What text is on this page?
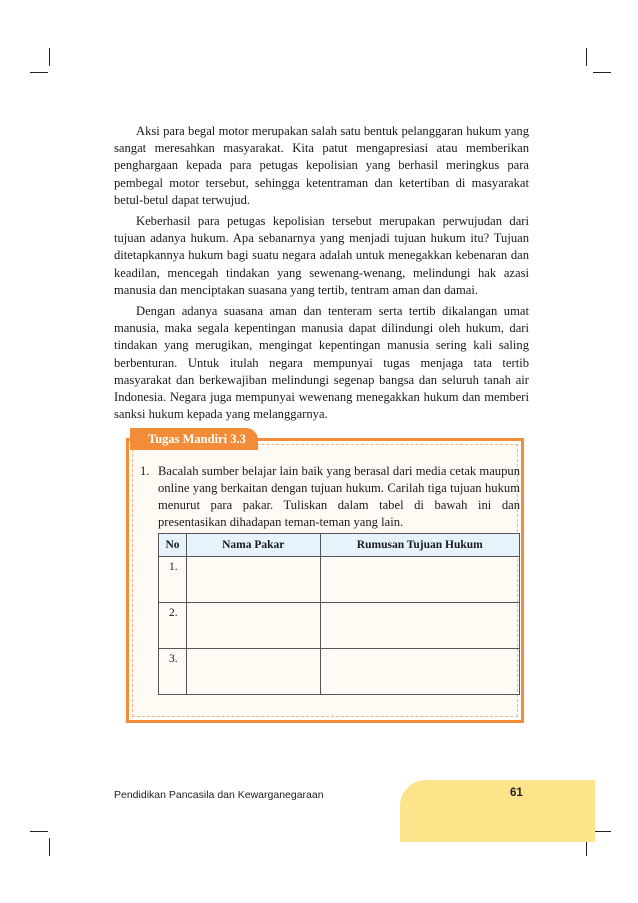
Aksi para begal motor merupakan salah satu bentuk pelanggaran hukum yang sangat meresahkan masyarakat. Kita patut mengapresiasi atau memberikan penghargaan kepada para petugas kepolisian yang berhasil meringkus para pembegal motor tersebut, sehingga ketentraman dan ketertiban di masyarakat betul-betul dapat terwujud.

Keberhasil para petugas kepolisian tersebut merupakan perwujudan dari tujuan adanya hukum. Apa sebanarnya yang menjadi tujuan hukum itu? Tujuan ditetapkannya hukum bagi suatu negara adalah untuk menegakkan kebenaran dan keadilan, mencegah tindakan yang sewenang-wenang, melindungi hak azasi manusia dan menciptakan suasana yang tertib, tentram aman dan damai.

Dengan adanya suasana aman dan tenteram serta tertib dikalangan umat manusia, maka segala kepentingan manusia dapat dilindungi oleh hukum, dari tindakan yang merugikan, mengingat kepentingan manusia sering kali saling berbenturan. Untuk itulah negara mempunyai tugas menjaga tata tertib masyarakat dan berkewajiban melindungi segenap bangsa dan seluruh tanah air Indonesia. Negara juga mempunyai wewenang menegakkan hukum dan memberi sanksi hukum kepada yang melanggarnya.

Tugas Mandiri 3.3
1. Bacalah sumber belajar lain baik yang berasal dari media cetak maupun online yang berkaitan dengan tujuan hukum. Carilah tiga tujuan hukum menurut para pakar. Tuliskan dalam tabel di bawah ini dan presentasikan dihadapan teman-teman yang lain.
No	Nama Pakar	Rumusan Tujuan Hukum
1.		
2.		
3.		
Pendidikan Pancasila dan Kewarganegaraan	61
